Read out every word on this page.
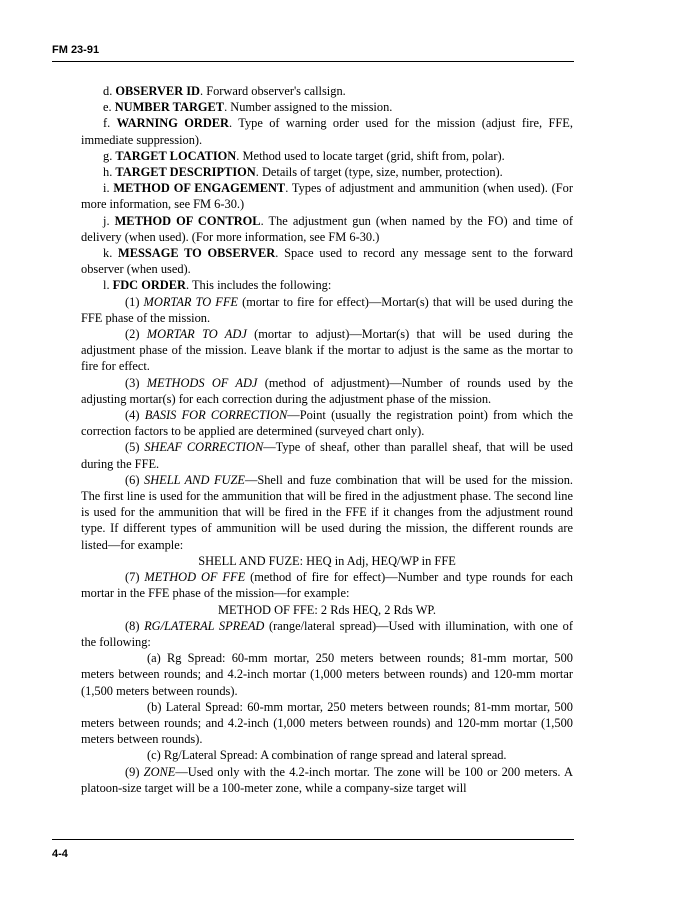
FM 23-91

d. OBSERVER ID. Forward observer's callsign.

e. NUMBER TARGET. Number assigned to the mission.

f. WARNING ORDER. Type of warning order used for the mission (adjust fire, FFE, immediate suppression).

g. TARGET LOCATION. Method used to locate target (grid, shift from, polar).

h. TARGET DESCRIPTION. Details of target (type, size, number, protection).

i. METHOD OF ENGAGEMENT. Types of adjustment and ammunition (when used). (For more information, see FM 6-30.)

j. METHOD OF CONTROL. The adjustment gun (when named by the FO) and time of delivery (when used). (For more information, see FM 6-30.)

k. MESSAGE TO OBSERVER. Space used to record any message sent to the forward observer (when used).

l. FDC ORDER. This includes the following:

(1) MORTAR TO FFE (mortar to fire for effect)—Mortar(s) that will be used during the FFE phase of the mission.

(2) MORTAR TO ADJ (mortar to adjust)—Mortar(s) that will be used during the adjustment phase of the mission. Leave blank if the mortar to adjust is the same as the mortar to fire for effect.

(3) METHODS OF ADJ (method of adjustment)—Number of rounds used by the adjusting mortar(s) for each correction during the adjustment phase of the mission.

(4) BASIS FOR CORRECTION—Point (usually the registration point) from which the correction factors to be applied are determined (surveyed chart only).

(5) SHEAF CORRECTION—Type of sheaf, other than parallel sheaf, that will be used during the FFE.

(6) SHELL AND FUZE—Shell and fuze combination that will be used for the mission. The first line is used for the ammunition that will be fired in the adjustment phase. The second line is used for the ammunition that will be fired in the FFE if it changes from the adjustment round type. If different types of ammunition will be used during the mission, the different rounds are listed—for example:

SHELL AND FUZE: HEQ in Adj, HEQ/WP in FFE

(7) METHOD OF FFE (method of fire for effect)—Number and type rounds for each mortar in the FFE phase of the mission—for example:

METHOD OF FFE: 2 Rds HEQ, 2 Rds WP.

(8) RG/LATERAL SPREAD (range/lateral spread)—Used with illumination, with one of the following:

(a) Rg Spread: 60-mm mortar, 250 meters between rounds; 81-mm mortar, 500 meters between rounds; and 4.2-inch mortar (1,000 meters between rounds) and 120-mm mortar (1,500 meters between rounds).

(b) Lateral Spread: 60-mm mortar, 250 meters between rounds; 81-mm mortar, 500 meters between rounds; and 4.2-inch (1,000 meters between rounds) and 120-mm mortar (1,500 meters between rounds).

(c) Rg/Lateral Spread: A combination of range spread and lateral spread.

(9) ZONE—Used only with the 4.2-inch mortar. The zone will be 100 or 200 meters. A platoon-size target will be a 100-meter zone, while a company-size target will

4-4
